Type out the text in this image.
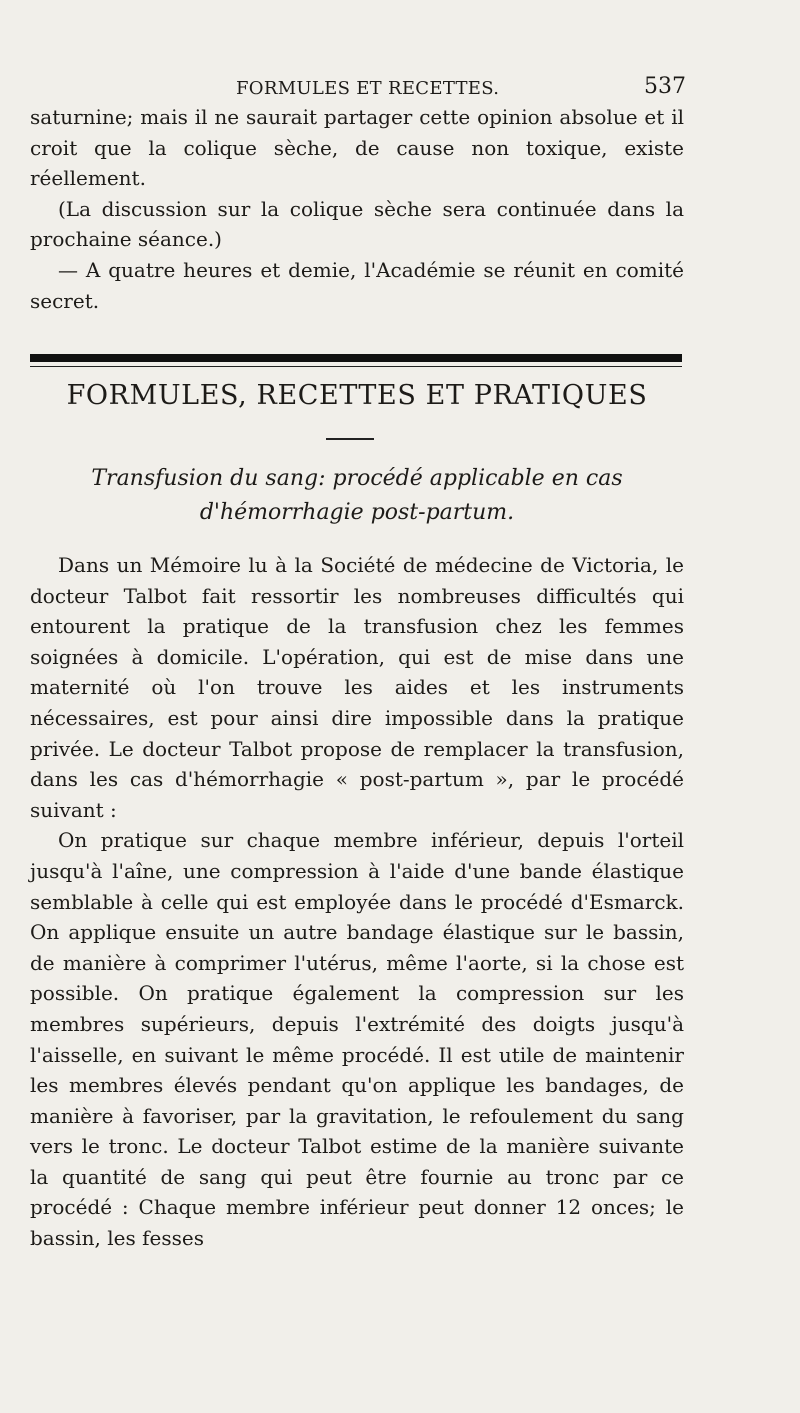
FORMULES ET RECETTES.	537

saturnine; mais il ne saurait partager cette opinion absolue et il croit que la colique sèche, de cause non toxique, existe réellement.

(La discussion sur la colique sèche sera continuée dans la prochaine séance.)

— A quatre heures et demie, l'Académie se réunit en comité secret.

FORMULES, RECETTES ET PRATIQUES
Transfusion du sang: procédé applicable en cas
d'hémorrhagie post-partum.

Dans un Mémoire lu à la Société de médecine de Victoria, le docteur Talbot fait ressortir les nombreuses difficultés qui entourent la pratique de la transfusion chez les femmes soignées à domicile. L'opération, qui est de mise dans une maternité où l'on trouve les aides et les instruments nécessaires, est pour ainsi dire impossible dans la pratique privée. Le docteur Talbot propose de remplacer la transfusion, dans les cas d'hémorrhagie « post-partum », par le procédé suivant :

On pratique sur chaque membre inférieur, depuis l'orteil jusqu'à l'aîne, une compression à l'aide d'une bande élastique semblable à celle qui est employée dans le procédé d'Esmarck. On applique ensuite un autre bandage élastique sur le bassin, de manière à comprimer l'utérus, même l'aorte, si la chose est possible. On pratique également la compression sur les membres supérieurs, depuis l'extrémité des doigts jusqu'à l'aisselle, en suivant le même procédé. Il est utile de maintenir les membres élevés pendant qu'on applique les bandages, de manière à favoriser, par la gravitation, le refoulement du sang vers le tronc. Le docteur Talbot estime de la manière suivante la quantité de sang qui peut être fournie au tronc par ce procédé : Chaque membre inférieur peut donner 12 onces; le bassin, les fesses
